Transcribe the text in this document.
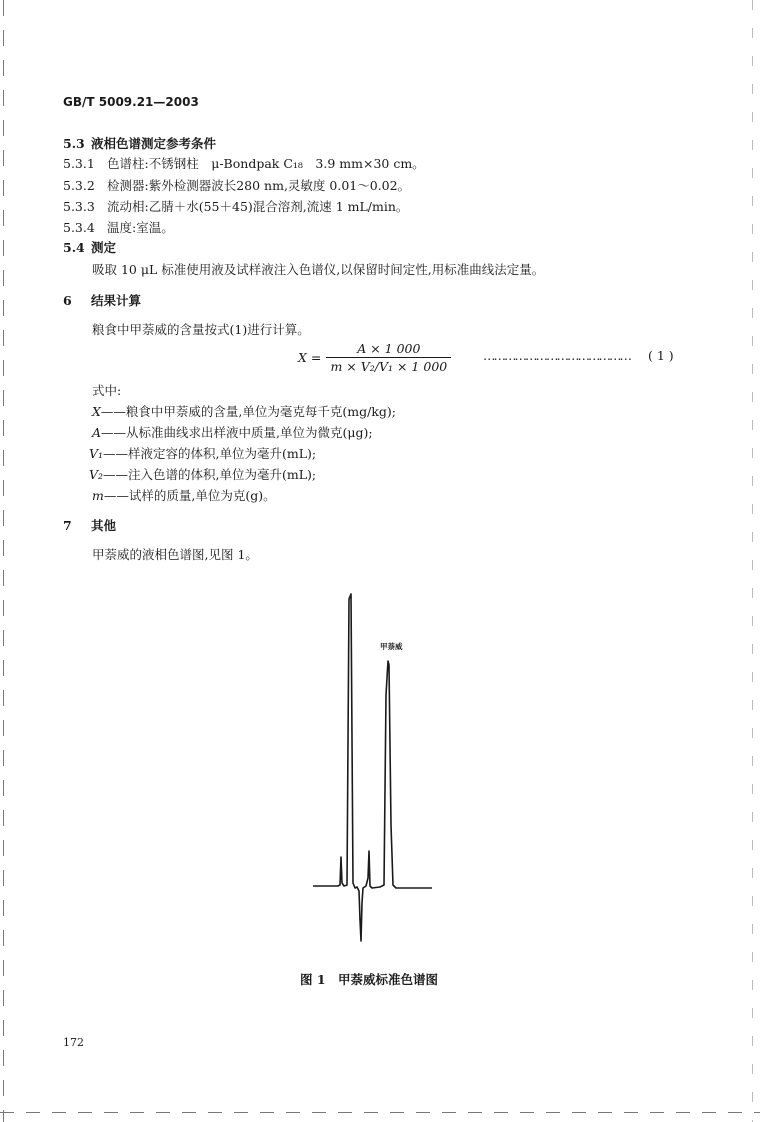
GB/T 5009.21—2003
5.3 液相色谱测定参考条件
5.3.1 色谱柱:不锈钢柱　μ-Bondpak C₁₈　3.9 mm×30 cm。
5.3.2 检测器:紫外检测器波长280 nm,灵敏度 0.01～0.02。
5.3.3 流动相:乙腈＋水(55＋45)混合溶剂,流速 1 mL/min。
5.3.4 温度:室温。
5.4 测定
吸取 10 μL 标准使用液及试样液注入色谱仪,以保留时间定性,用标准曲线法定量。
6 结果计算
粮食中甲萘威的含量按式(1)进行计算。
$X = \frac{A \times 1 000}{\text{m × V₂/V₁ × 1 000}}$	…………………………………… ( 1 )
式中:
X——粮食中甲萘威的含量,单位为毫克每千克(mg/kg);
A——从标准曲线求出样液中质量,单位为微克(μg);
V₁——样液定容的体积,单位为毫升(mL);
V₂——注入色谱的体积,单位为毫升(mL);
m——试样的质量,单位为克(g)。
7 其他
甲萘威的液相色谱图,见图 1。
甲萘威
图 1　甲萘威标准色谱图
172
